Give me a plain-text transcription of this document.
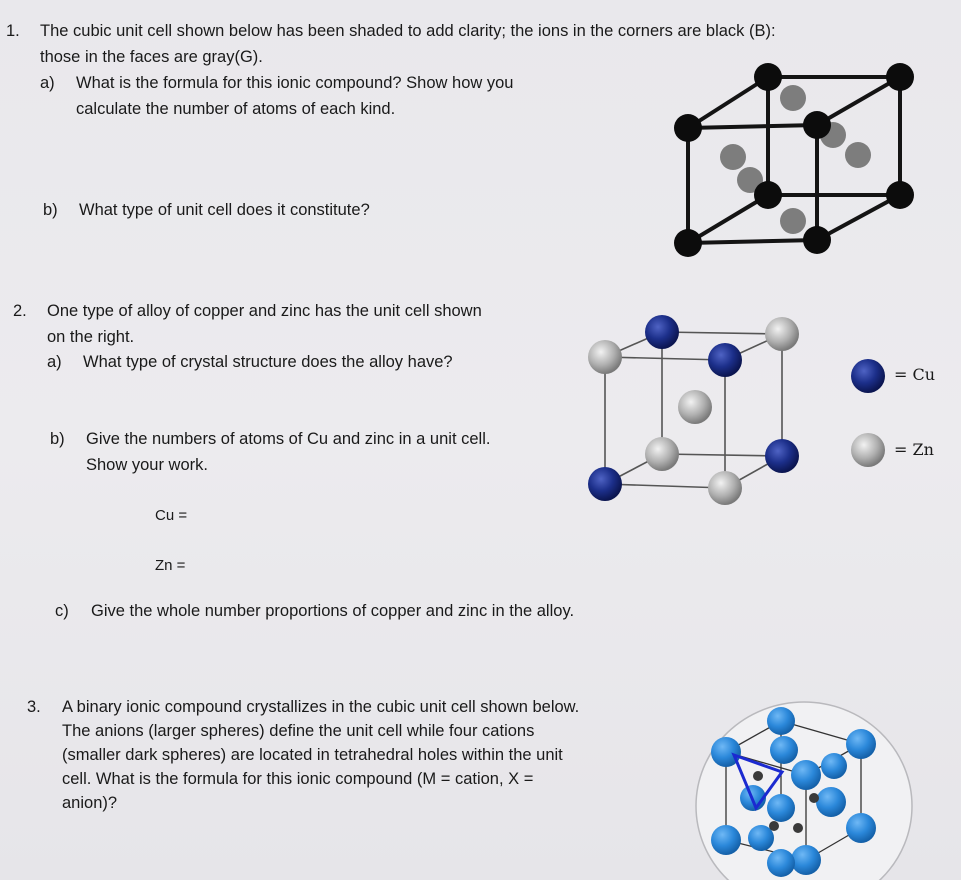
1. The cubic unit cell shown below has been shaded to add clarity; the ions in the corners are black (B):
those in the faces are gray(G).
a) What is the formula for this ionic compound? Show how you
calculate the number of atoms of each kind.
b) What type of unit cell does it constitute?
2. One type of alloy of copper and zinc has the unit cell shown
on the right.
a) What type of crystal structure does the alloy have?
b) Give the numbers of atoms of Cu and zinc in a unit cell.
Show your work.
Cu =
Zn =
c) Give the whole number proportions of copper and zinc in the alloy.
= Cu
= Zn
3. A binary ionic compound crystallizes in the cubic unit cell shown below.
The anions (larger spheres) define the unit cell while four cations
(smaller dark spheres) are located in tetrahedral holes within the unit
cell. What is the formula for this ionic compound (M = cation, X =
anion)?
